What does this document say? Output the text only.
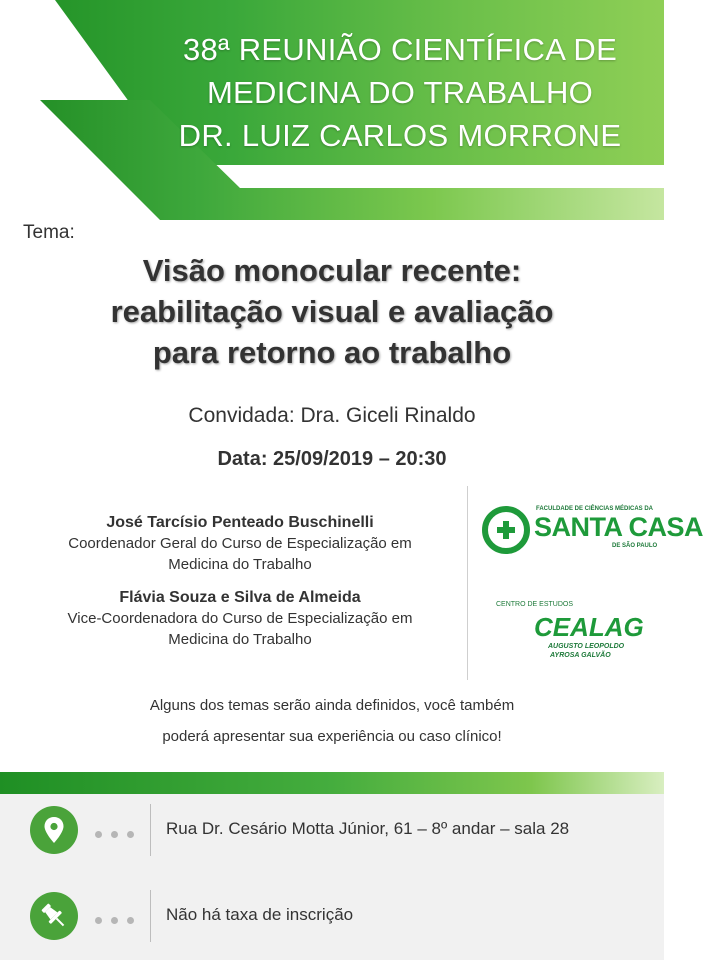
38ª REUNIÃO CIENTÍFICA DE
MEDICINA DO TRABALHO
DR. LUIZ CARLOS MORRONE
Tema:
Visão monocular recente:
reabilitação visual e avaliação
para retorno ao trabalho
Convidada: Dra. Giceli Rinaldo
Data: 25/09/2019 – 20:30
José Tarcísio Penteado Buschinelli
Coordenador Geral do Curso de Especialização em
Medicina do Trabalho
Flávia Souza e Silva de Almeida
Vice-Coordenadora do Curso de Especialização em
Medicina do Trabalho
FACULDADE DE CIÊNCIAS MÉDICAS DA
SANTA CASA
DE SÃO PAULO
CENTRO DE ESTUDOS
CEALAG
AUGUSTO LEOPOLDO
AYROSA GALVÃO
Alguns dos temas serão ainda definidos, você também
poderá apresentar sua experiência ou caso clínico!
Rua Dr. Cesário Motta Júnior, 61 – 8º andar – sala 28
Não há taxa de inscrição
